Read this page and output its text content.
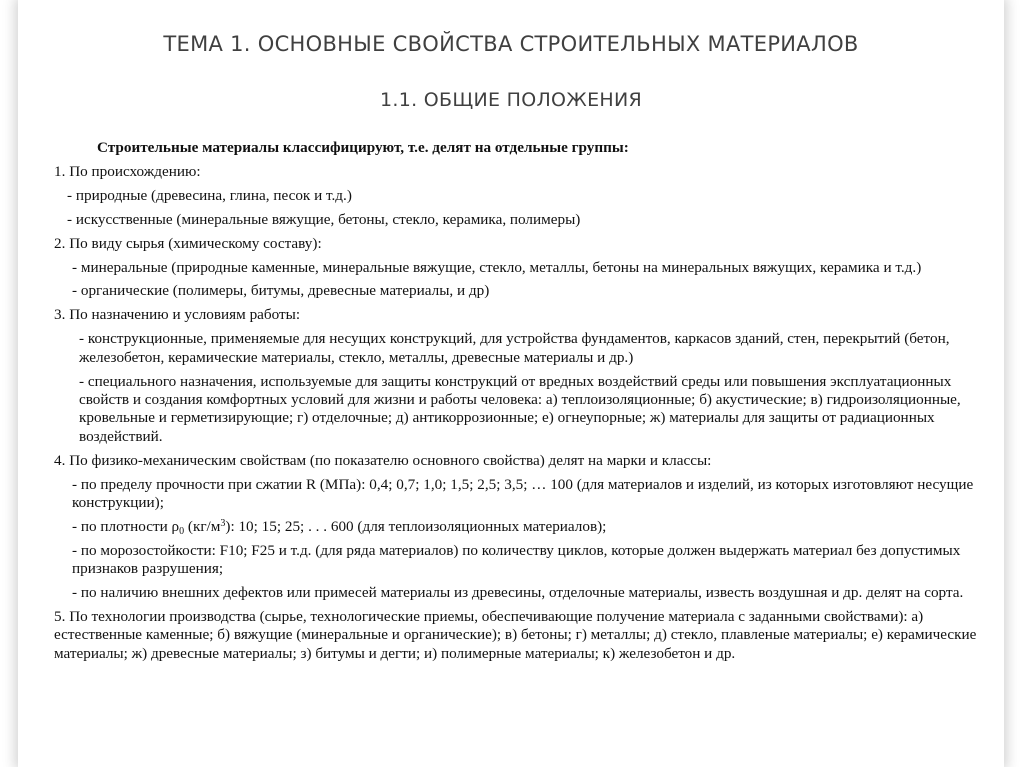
ТЕМА 1. ОСНОВНЫЕ СВОЙСТВА СТРОИТЕЛЬНЫХ МАТЕРИАЛОВ
1.1. ОБЩИЕ ПОЛОЖЕНИЯ

Строительные материалы классифицируют, т.е. делят на отдельные группы:

1. По происхождению:

- природные (древесина, глина, песок и т.д.)

- искусственные (минеральные вяжущие, бетоны, стекло, керамика, полимеры)

2. По виду сырья (химическому составу):

- минеральные (природные каменные, минеральные вяжущие, стекло, металлы, бетоны на минеральных вяжущих, керамика и т.д.)

- органические (полимеры, битумы, древесные материалы, и др)

3. По назначению и условиям работы:

- конструкционные, применяемые для несущих конструкций, для устройства фундаментов, каркасов зданий, стен, перекрытий (бетон, железобетон, керамические материалы, стекло, металлы, древесные материалы и др.)

- специального назначения, используемые для защиты конструкций от вредных воздействий среды или повышения эксплуатационных свойств и создания комфортных условий для жизни и работы человека: а) теплоизоляционные; б) акустические; в) гидроизоляционные, кровельные и герметизирующие; г) отделочные; д) антикоррозионные; е) огнеупорные; ж) материалы для защиты от радиационных воздействий.

4. По физико-механическим свойствам (по показателю основного свойства) делят на марки и классы:

- по пределу прочности при сжатии R (МПа): 0,4; 0,7; 1,0; 1,5; 2,5; 3,5; … 100 (для материалов и изделий, из которых изготовляют несущие конструкции);

- по плотности $\rho_0$ $(кг/м^3)$: 10; 15; 25; . . . 600 (для теплоизоляционных материалов);

- по морозостойкости: F10; F25 и т.д. (для ряда материалов) по количеству циклов, которые должен выдержать материал без допустимых признаков разрушения;

- по наличию внешних дефектов или примесей материалы из древесины, отделочные материалы, известь воздушная и др. делят на сорта.

5. По технологии производства (сырье, технологические приемы, обеспечивающие получение материала с заданными свойствами): а) естественные каменные; б) вяжущие (минеральные и органические); в) бетоны; г) металлы; д) стекло, плавленые материалы; е) керамические материалы; ж) древесные материалы; з) битумы и дегти; и) полимерные материалы; к) железобетон и др.
